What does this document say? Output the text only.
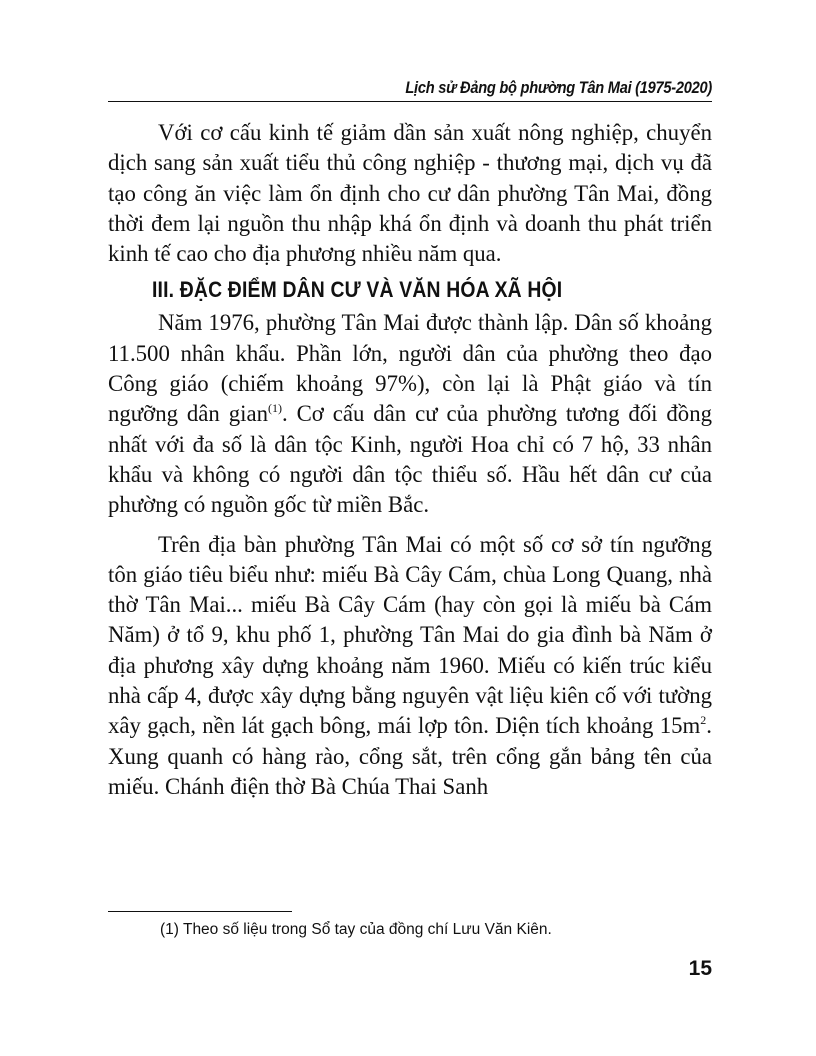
Lịch sử Đảng bộ phường Tân Mai (1975-2020)

Với cơ cấu kinh tế giảm dần sản xuất nông nghiệp, chuyển dịch sang sản xuất tiểu thủ công nghiệp - thương mại, dịch vụ đã tạo công ăn việc làm ổn định cho cư dân phường Tân Mai, đồng thời đem lại nguồn thu nhập khá ổn định và doanh thu phát triển kinh tế cao cho địa phương nhiều năm qua.

III. ĐẶC ĐIỂM DÂN CƯ VÀ VĂN HÓA XÃ HỘI

Năm 1976, phường Tân Mai được thành lập. Dân số khoảng 11.500 nhân khẩu. Phần lớn, người dân của phường theo đạo Công giáo (chiếm khoảng 97%), còn lại là Phật giáo và tín ngưỡng dân gian$^{(1)}$. Cơ cấu dân cư của phường tương đối đồng nhất với đa số là dân tộc Kinh, người Hoa chỉ có 7 hộ, 33 nhân khẩu và không có người dân tộc thiểu số. Hầu hết dân cư của phường có nguồn gốc từ miền Bắc.

Trên địa bàn phường Tân Mai có một số cơ sở tín ngưỡng tôn giáo tiêu biểu như: miếu Bà Cây Cám, chùa Long Quang, nhà thờ Tân Mai... miếu Bà Cây Cám (hay còn gọi là miếu bà Cám Năm) ở tổ 9, khu phố 1, phường Tân Mai do gia đình bà Năm ở địa phương xây dựng khoảng năm 1960. Miếu có kiến trúc kiểu nhà cấp 4, được xây dựng bằng nguyên vật liệu kiên cố với tường xây gạch, nền lát gạch bông, mái lợp tôn. Diện tích khoảng $15m^2$. Xung quanh có hàng rào, cổng sắt, trên cổng gắn bảng tên của miếu. Chánh điện thờ Bà Chúa Thai Sanh

(1) Theo số liệu trong Sổ tay của đồng chí Lưu Văn Kiên.
15
